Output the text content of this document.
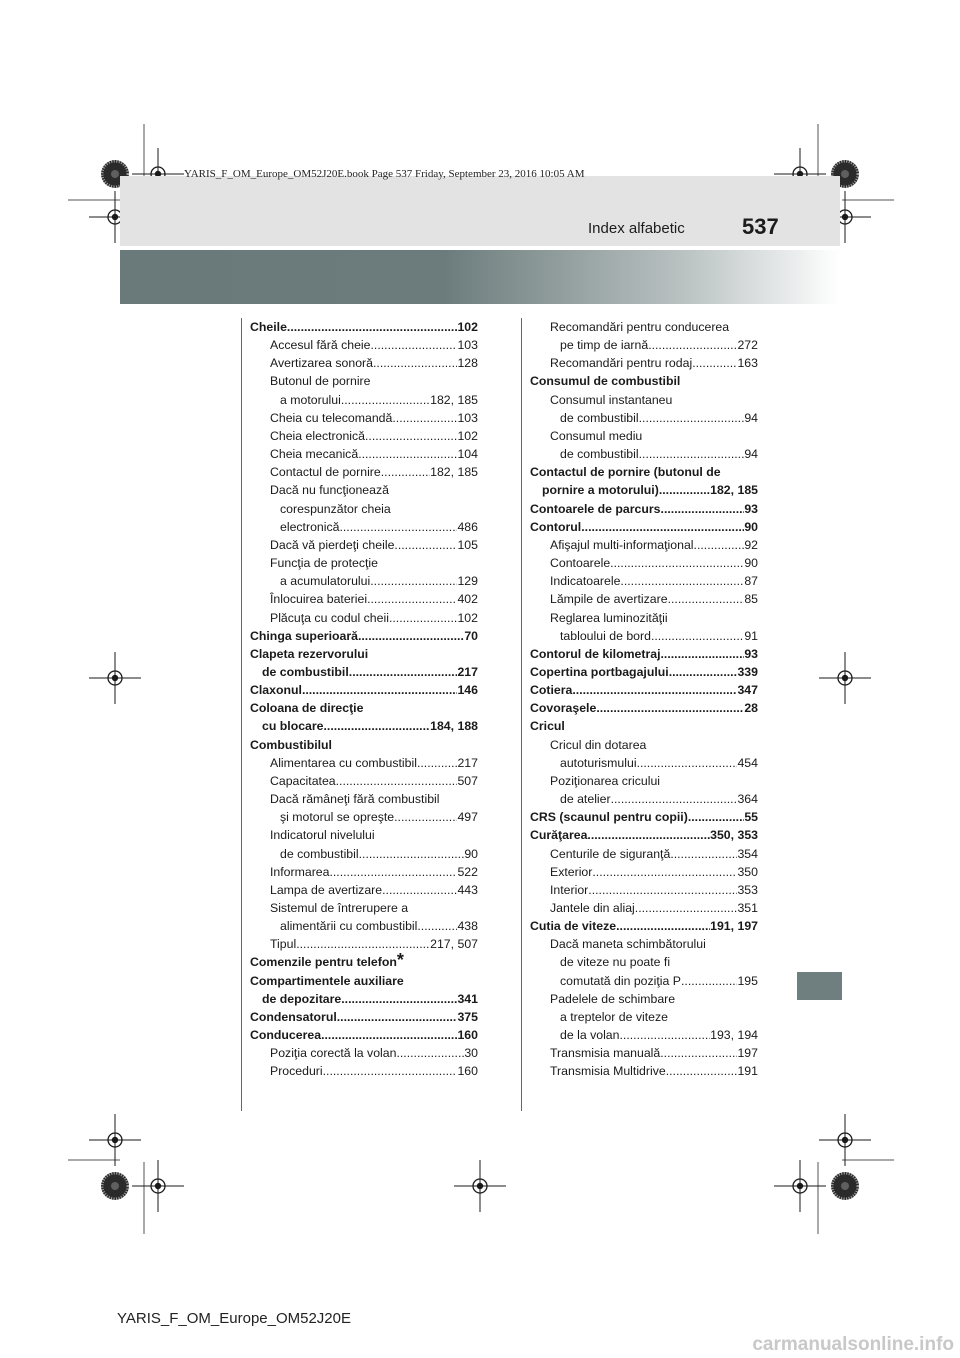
YARIS_F_OM_Europe_OM52J20E.book Page 537 Friday, September 23, 2016 10:05 AM
Index alfabetic	537
Cheile .....	102
Accesul fără cheie .....	103
Avertizarea sonoră .....	128
Butonul de pornire
a motorului .....	182, 185
Cheia cu telecomandă .....	103
Cheia electronică .....	102
Cheia mecanică .....	104
Contactul de pornire .....	182, 185
Dacă nu funcţionează
corespunzător cheia
electronică .....	486
Dacă vă pierdeţi cheile .....	105
Funcţia de protecţie
a acumulatorului .....	129
Înlocuirea bateriei .....	402
Plăcuţa cu codul cheii .....	102
Chinga superioară .....	70
Clapeta rezervorului
de combustibil .....	217
Claxonul .....	146
Coloana de direcţie
cu blocare .....	184, 188
Combustibilul
Alimentarea cu combustibil .....	217
Capacitatea .....	507
Dacă rămâneţi fără combustibil
şi motorul se opreşte .....	497
Indicatorul nivelului
de combustibil .....	90
Informarea .....	522
Lampa de avertizare .....	443
Sistemul de întrerupere a
alimentării cu combustibil .....	438
Tipul .....	217, 507
Comenzile pentru telefon *
Compartimentele auxiliare
de depozitare .....	341
Condensatorul .....	375
Conducerea .....	160
Poziţia corectă la volan .....	30
Proceduri .....	160
Recomandări pentru conducerea
pe timp de iarnă .....	272
Recomandări pentru rodaj .....	163
Consumul de combustibil
Consumul instantaneu
de combustibil .....	94
Consumul mediu
de combustibil .....	94
Contactul de pornire (butonul de
pornire a motorului) .....	182, 185
Contoarele de parcurs .....	93
Contorul .....	90
Afişajul multi-informaţional .....	92
Contoarele .....	90
Indicatoarele .....	87
Lămpile de avertizare .....	85
Reglarea luminozităţii
tabloului de bord .....	91
Contorul de kilometraj .....	93
Copertina portbagajului .....	339
Cotiera .....	347
Covoraşele .....	28
Cricul
Cricul din dotarea
autoturismului .....	454
Poziţionarea cricului
de atelier .....	364
CRS (scaunul pentru copii) .....	55
Curăţarea .....	350, 353
Centurile de siguranţă .....	354
Exterior .....	350
Interior .....	353
Jantele din aliaj .....	351
Cutia de viteze .....	191, 197
Dacă maneta schimbătorului
de viteze nu poate fi
comutată din poziţia P .....	195
Padelele de schimbare
a treptelor de viteze
de la volan .....	193, 194
Transmisia manuală .....	197
Transmisia Multidrive .....	191
YARIS_F_OM_Europe_OM52J20E
carmanualsonline.info
